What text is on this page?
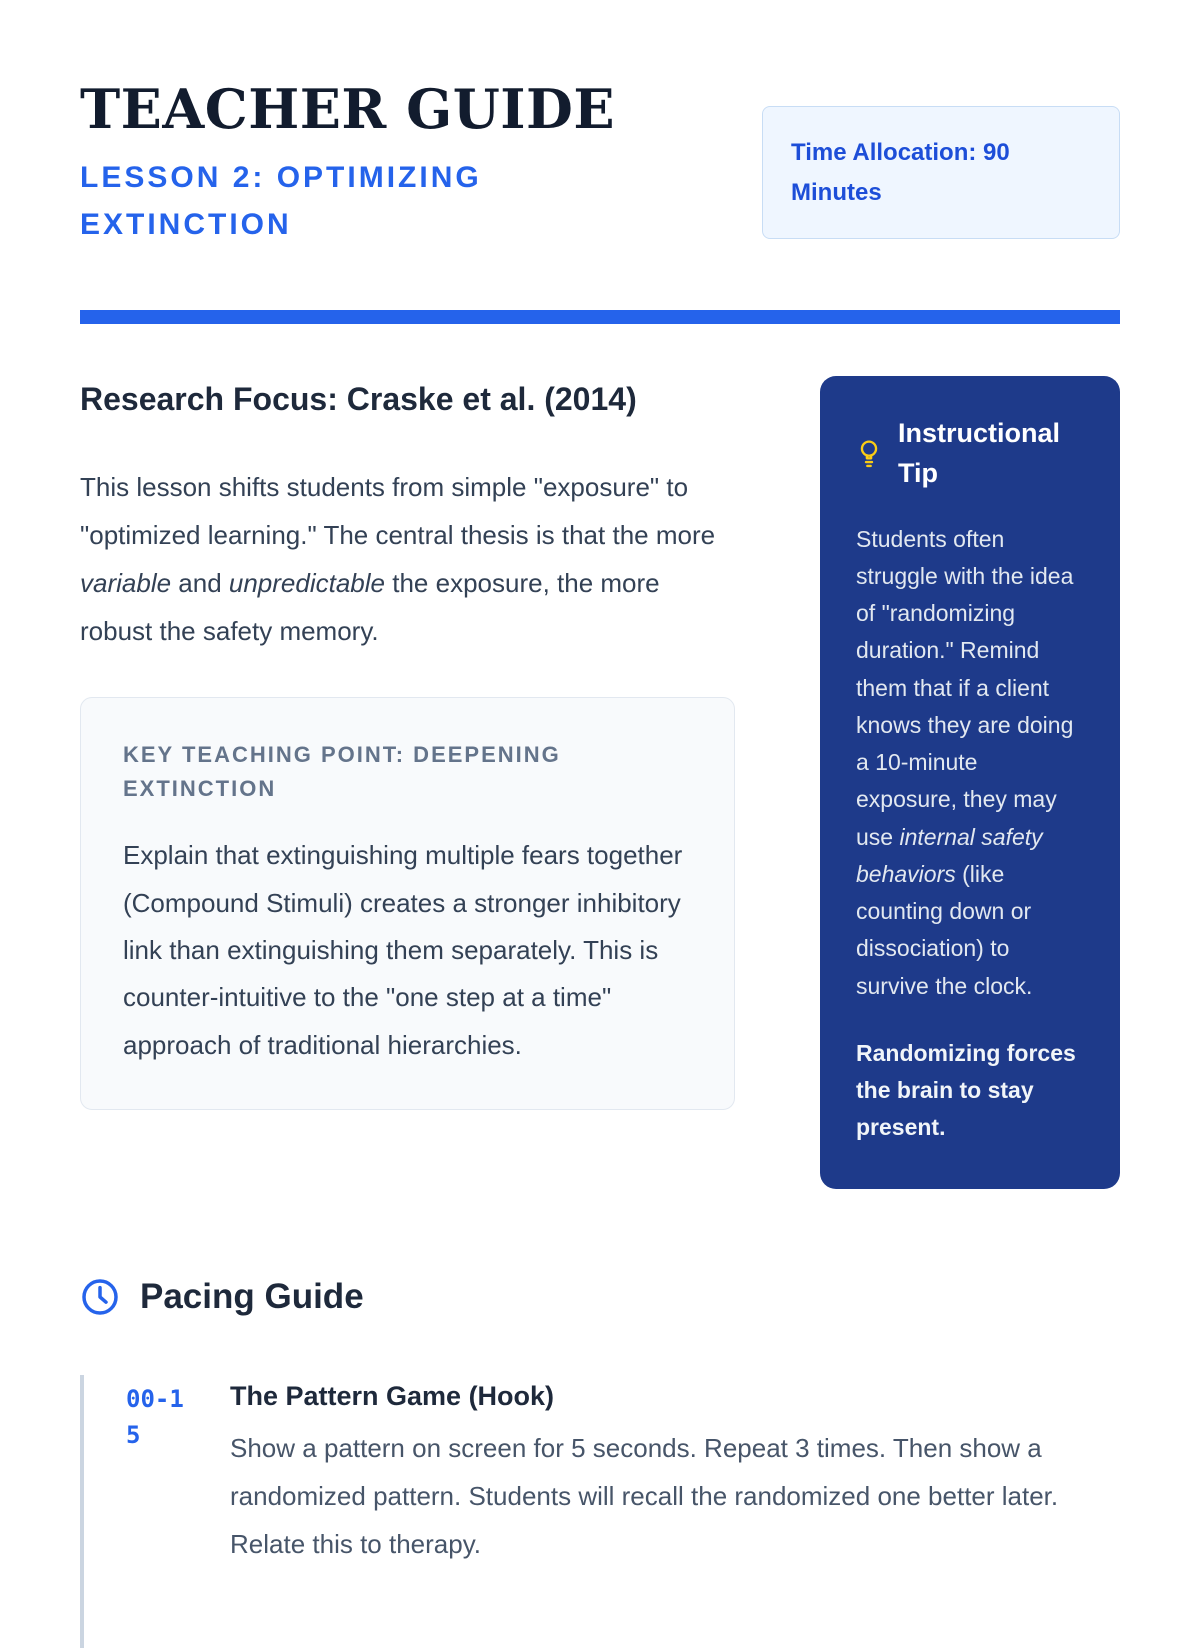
TEACHER GUIDE
LESSON 2: OPTIMIZING EXTINCTION
Time Allocation: 90 Minutes
Research Focus: Craske et al. (2014)

This lesson shifts students from simple "exposure" to "optimized learning." The central thesis is that the more variable and unpredictable the exposure, the more robust the safety memory.

KEY TEACHING POINT: DEEPENING EXTINCTION
Explain that extinguishing multiple fears together (Compound Stimuli) creates a stronger inhibitory link than extinguishing them separately. This is counter-intuitive to the "one step at a time" approach of traditional hierarchies.
Instructional Tip

Students often struggle with the idea of "randomizing duration." Remind them that if a client knows they are doing a 10-minute exposure, they may use internal safety behaviors (like counting down or dissociation) to survive the clock.

Randomizing forces the brain to stay present.

Pacing Guide
00-15
The Pattern Game (Hook)
Show a pattern on screen for 5 seconds. Repeat 3 times. Then show a randomized pattern. Students will recall the randomized one better later. Relate this to therapy.
